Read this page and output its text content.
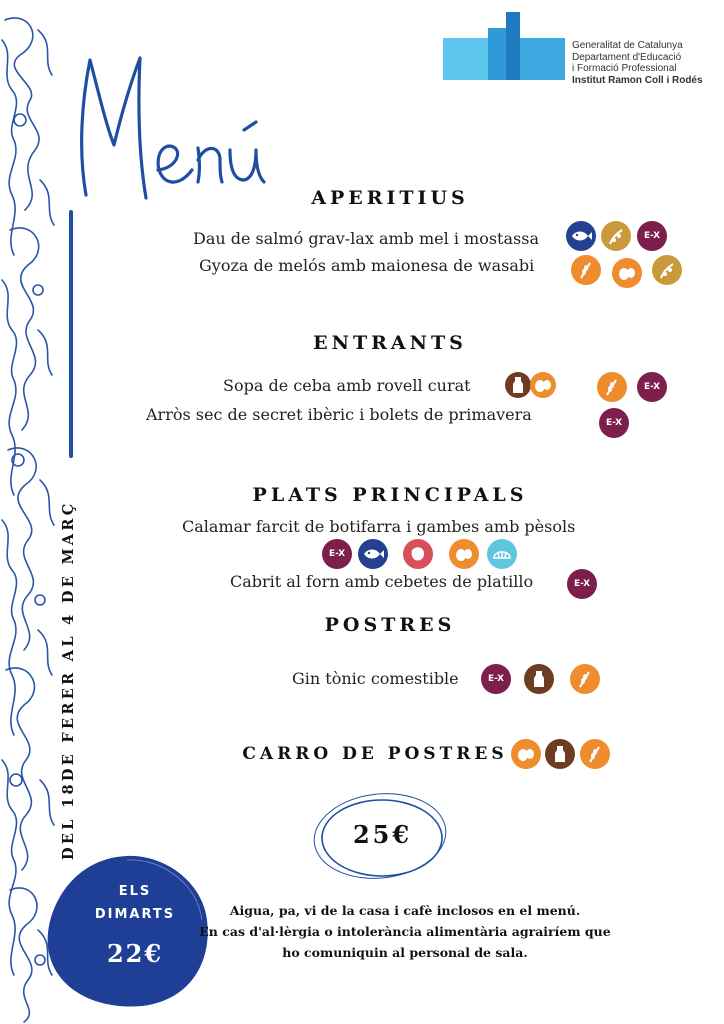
Generalitat de Catalunya
Departament d'Educació
i Formació Professional
Institut Ramon Coll i Rodés
Menú
DEL 18DE FERER AL 4 DE MARÇ
APERITIUS
Dau de salmó grav-lax amb mel i mostassa	E-X
Gyoza de melós amb maionesa de wasabi
ENTRANTS
Sopa de ceba amb rovell curat	E-X
Arròs sec de secret ibèric i bolets de primavera	E-X
PLATS PRINCIPALS
Calamar farcit de botifarra i gambes amb pèsols
E-X
Cabrit al forn amb cebetes de platillo	E-X
POSTRES
Gin tònic comestible	E-X
CARRO DE POSTRES
25€
ELS
DIMARTS
22€
Aigua, pa, vi de la casa i cafè inclosos en el menú.
En cas d'al·lèrgia o intolerància alimentària agrairíem que
ho comuniquin al personal de sala.
